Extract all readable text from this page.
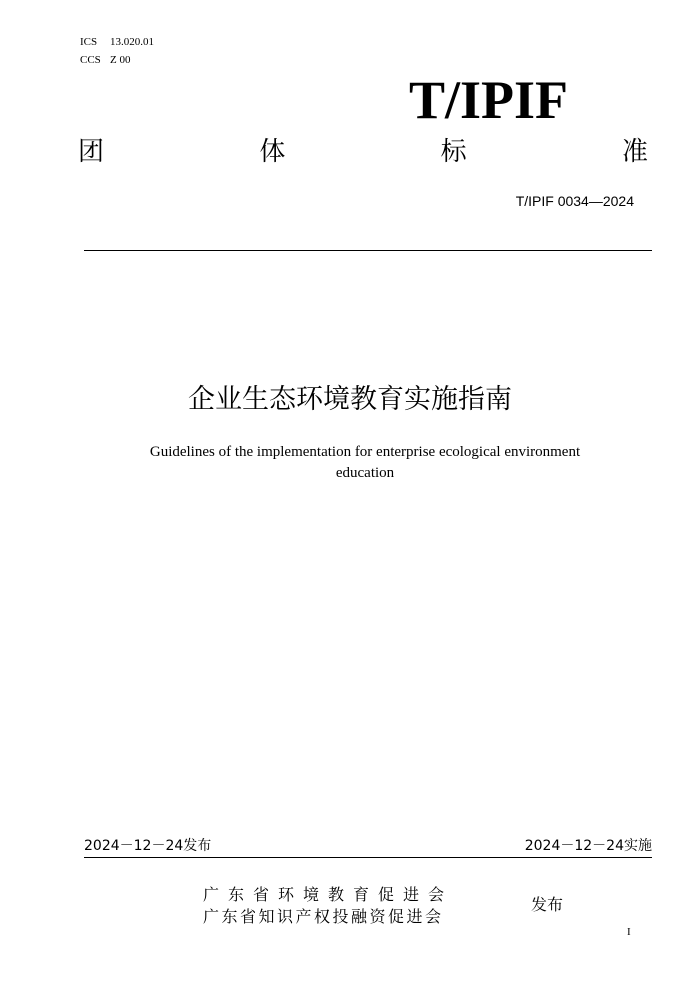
ICS 13.020.01
CCS Z 00
T/IPIF
团	体	标	准
T/IPIF 0034—2024
企业生态环境教育实施指南
Guidelines of the implementation for enterprise ecological environment education
2024－12－24发布	2024－12－24实施
广东省环境教育促进会
广东省知识产权投融资促进会
发布
I
